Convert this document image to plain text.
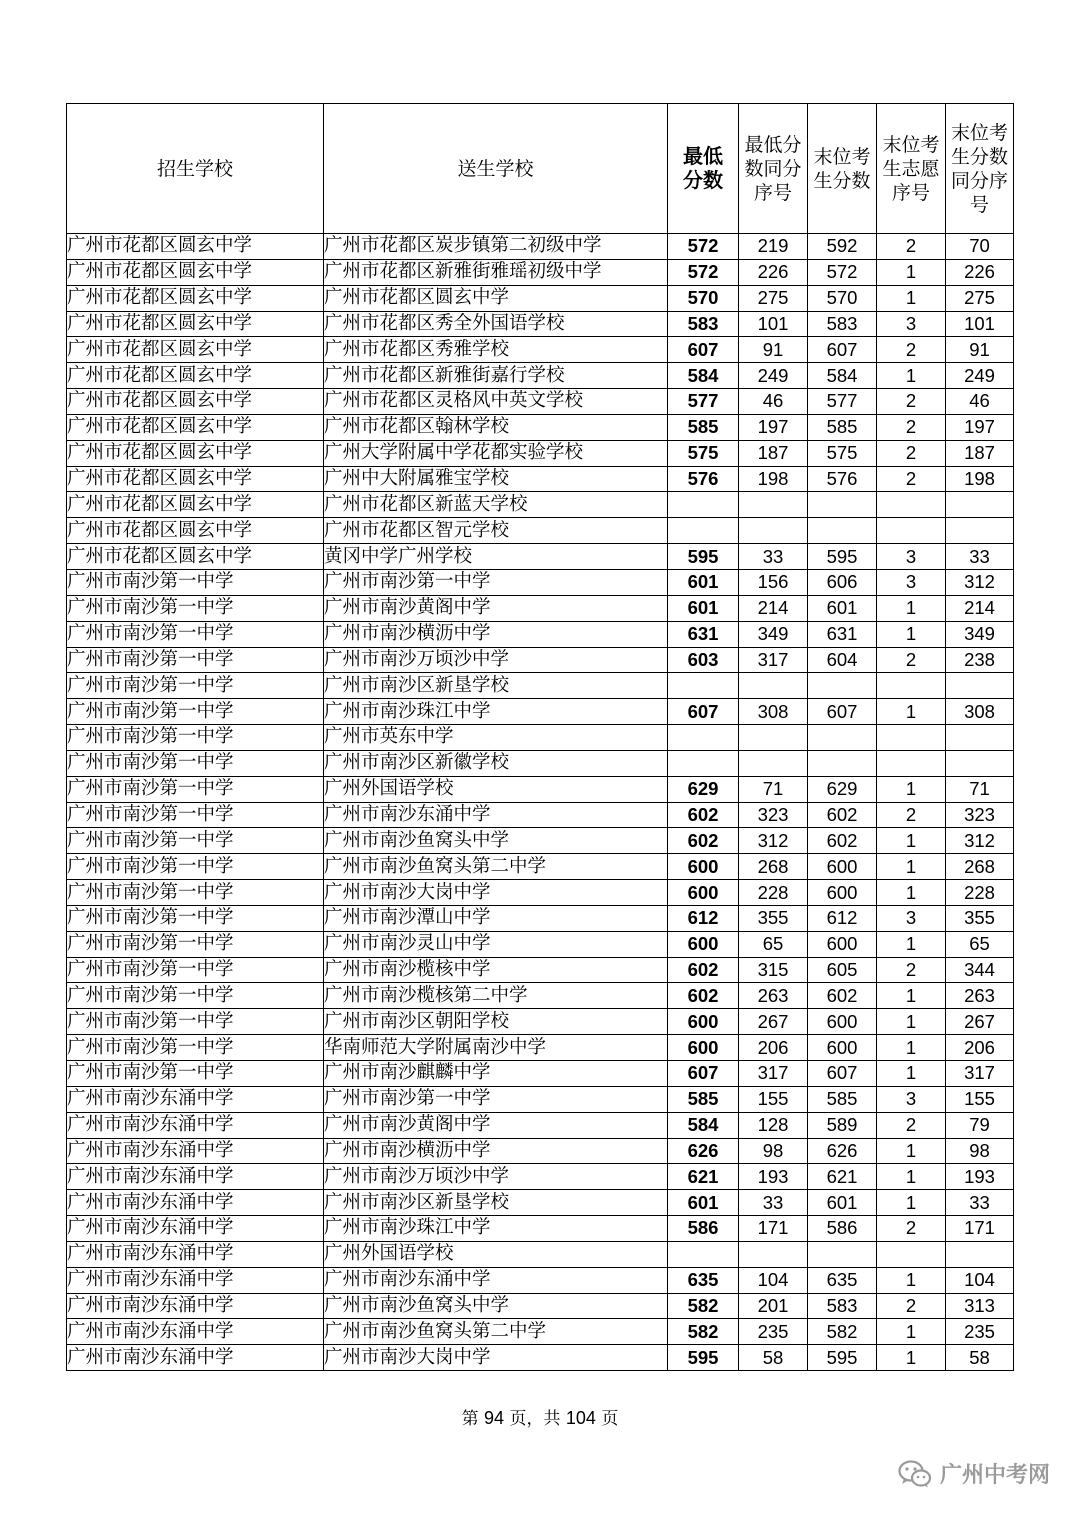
招生学校	送生学校	最低分数	最低分数同分序号	末位考生分数	末位考生志愿序号	末位考生分数同分序号
广州市花都区圆玄中学	广州市花都区炭步镇第二初级中学	572	219	592	2	70
广州市花都区圆玄中学	广州市花都区新雅街雅瑶初级中学	572	226	572	1	226
广州市花都区圆玄中学	广州市花都区圆玄中学	570	275	570	1	275
广州市花都区圆玄中学	广州市花都区秀全外国语学校	583	101	583	3	101
广州市花都区圆玄中学	广州市花都区秀雅学校	607	91	607	2	91
广州市花都区圆玄中学	广州市花都区新雅街嘉行学校	584	249	584	1	249
广州市花都区圆玄中学	广州市花都区灵格风中英文学校	577	46	577	2	46
广州市花都区圆玄中学	广州市花都区翰林学校	585	197	585	2	197
广州市花都区圆玄中学	广州大学附属中学花都实验学校	575	187	575	2	187
广州市花都区圆玄中学	广州中大附属雅宝学校	576	198	576	2	198
广州市花都区圆玄中学	广州市花都区新蓝天学校					
广州市花都区圆玄中学	广州市花都区智元学校					
广州市花都区圆玄中学	黄冈中学广州学校	595	33	595	3	33
广州市南沙第一中学	广州市南沙第一中学	601	156	606	3	312
广州市南沙第一中学	广州市南沙黄阁中学	601	214	601	1	214
广州市南沙第一中学	广州市南沙横沥中学	631	349	631	1	349
广州市南沙第一中学	广州市南沙万顷沙中学	603	317	604	2	238
广州市南沙第一中学	广州市南沙区新垦学校					
广州市南沙第一中学	广州市南沙珠江中学	607	308	607	1	308
广州市南沙第一中学	广州市英东中学					
广州市南沙第一中学	广州市南沙区新徽学校					
广州市南沙第一中学	广州外国语学校	629	71	629	1	71
广州市南沙第一中学	广州市南沙东涌中学	602	323	602	2	323
广州市南沙第一中学	广州市南沙鱼窝头中学	602	312	602	1	312
广州市南沙第一中学	广州市南沙鱼窝头第二中学	600	268	600	1	268
广州市南沙第一中学	广州市南沙大岗中学	600	228	600	1	228
广州市南沙第一中学	广州市南沙潭山中学	612	355	612	3	355
广州市南沙第一中学	广州市南沙灵山中学	600	65	600	1	65
广州市南沙第一中学	广州市南沙榄核中学	602	315	605	2	344
广州市南沙第一中学	广州市南沙榄核第二中学	602	263	602	1	263
广州市南沙第一中学	广州市南沙区朝阳学校	600	267	600	1	267
广州市南沙第一中学	华南师范大学附属南沙中学	600	206	600	1	206
广州市南沙第一中学	广州市南沙麒麟中学	607	317	607	1	317
广州市南沙东涌中学	广州市南沙第一中学	585	155	585	3	155
广州市南沙东涌中学	广州市南沙黄阁中学	584	128	589	2	79
广州市南沙东涌中学	广州市南沙横沥中学	626	98	626	1	98
广州市南沙东涌中学	广州市南沙万顷沙中学	621	193	621	1	193
广州市南沙东涌中学	广州市南沙区新垦学校	601	33	601	1	33
广州市南沙东涌中学	广州市南沙珠江中学	586	171	586	2	171
广州市南沙东涌中学	广州外国语学校					
广州市南沙东涌中学	广州市南沙东涌中学	635	104	635	1	104
广州市南沙东涌中学	广州市南沙鱼窝头中学	582	201	583	2	313
广州市南沙东涌中学	广州市南沙鱼窝头第二中学	582	235	582	1	235
广州市南沙东涌中学	广州市南沙大岗中学	595	58	595	1	58
第 94 页，共 104 页
广州中考网
